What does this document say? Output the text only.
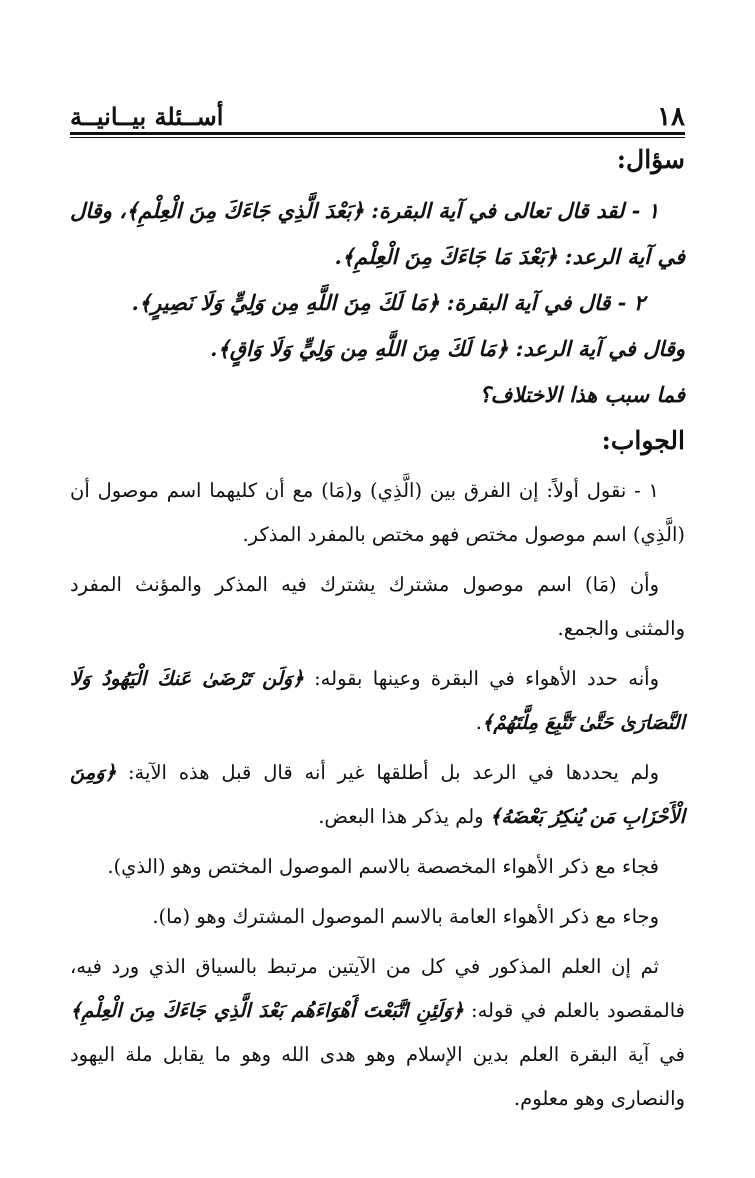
١٨
أســئلة بيــانيــة
سؤال:

١ - لقد قال تعالى في آية البقرة: ﴿بَعْدَ الَّذِي جَاءَكَ مِنَ الْعِلْمِ﴾، وقال في آية الرعد: ﴿بَعْدَ مَا جَاءَكَ مِنَ الْعِلْمِ﴾.

٢ - قال في آية البقرة: ﴿مَا لَكَ مِنَ اللَّهِ مِن وَلِيٍّ وَلَا نَصِيرٍ﴾.

وقال في آية الرعد: ﴿مَا لَكَ مِنَ اللَّهِ مِن وَلِيٍّ وَلَا وَاقٍ﴾.

فما سبب هذا الاختلاف؟

الجواب:

١ - نقول أولاً: إن الفرق بين (الَّذِي) و(مَا) مع أن كليهما اسم موصول أن (الَّذِي) اسم موصول مختص فهو مختص بالمفرد المذكر.

وأن (مَا) اسم موصول مشترك يشترك فيه المذكر والمؤنث المفرد والمثنى والجمع.

وأنه حدد الأهواء في البقرة وعينها بقوله: ﴿وَلَن تَرْضَىٰ عَنكَ الْيَهُودُ وَلَا النَّصَارَىٰ حَتَّىٰ تَتَّبِعَ مِلَّتَهُمْ﴾.

ولم يحددها في الرعد بل أطلقها غير أنه قال قبل هذه الآية: ﴿وَمِنَ الْأَحْزَابِ مَن يُنكِرُ بَعْضَهُ﴾ ولم يذكر هذا البعض.

فجاء مع ذكر الأهواء المخصصة بالاسم الموصول المختص وهو (الذي).

وجاء مع ذكر الأهواء العامة بالاسم الموصول المشترك وهو (ما).

ثم إن العلم المذكور في كل من الآيتين مرتبط بالسياق الذي ورد فيه، فالمقصود بالعلم في قوله: ﴿وَلَئِنِ اتَّبَعْتَ أَهْوَاءَهُم بَعْدَ الَّذِي جَاءَكَ مِنَ الْعِلْمِ﴾ في آية البقرة العلم بدين الإسلام وهو هدى الله وهو ما يقابل ملة اليهود والنصارى وهو معلوم.
